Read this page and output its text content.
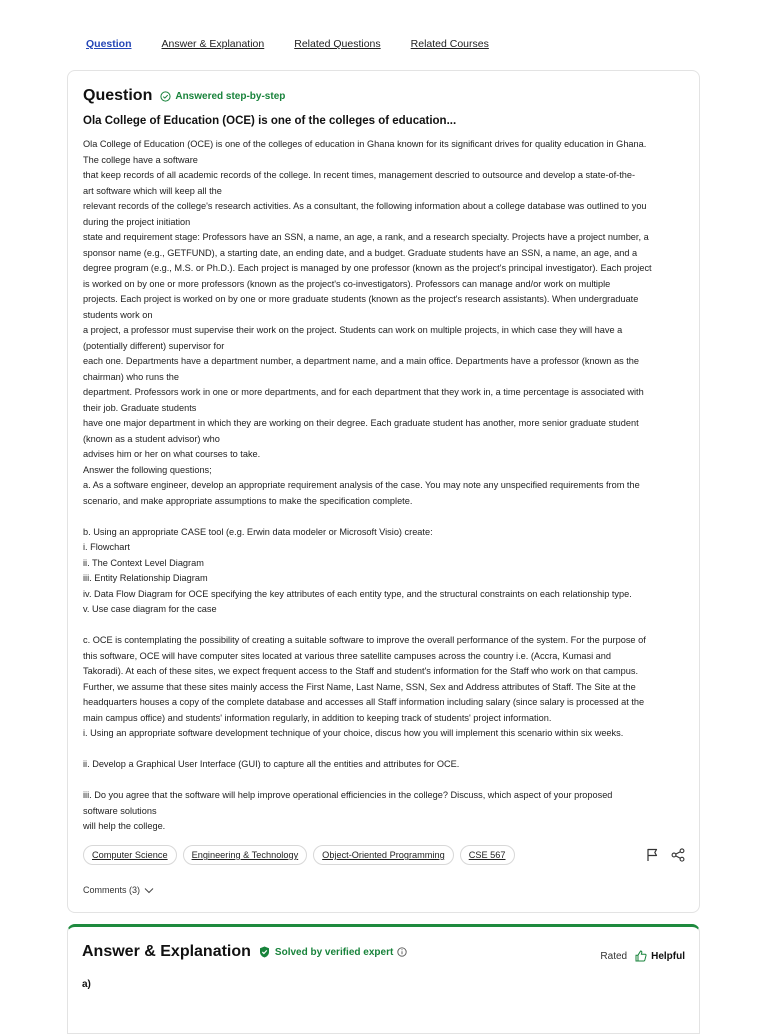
Question	Answer & Explanation	Related Questions	Related Courses
Question Answered step-by-step
Ola College of Education (OCE) is one of the colleges of education...
Ola College of Education (OCE) is one of the colleges of education in Ghana known for its significant drives for quality education in Ghana.
The college have a software
that keep records of all academic records of the college. In recent times, management descried to outsource and develop a state-of-the-
art software which will keep all the
relevant records of the college's research activities. As a consultant, the following information about a college database was outlined to you
during the project initiation
state and requirement stage: Professors have an SSN, a name, an age, a rank, and a research specialty. Projects have a project number, a
sponsor name (e.g., GETFUND), a starting date, an ending date, and a budget. Graduate students have an SSN, a name, an age, and a
degree program (e.g., M.S. or Ph.D.). Each project is managed by one professor (known as the project's principal investigator). Each project
is worked on by one or more professors (known as the project's co-investigators). Professors can manage and/or work on multiple
projects. Each project is worked on by one or more graduate students (known as the project's research assistants). When undergraduate
students work on
a project, a professor must supervise their work on the project. Students can work on multiple projects, in which case they will have a
(potentially different) supervisor for
each one. Departments have a department number, a department name, and a main office. Departments have a professor (known as the
chairman) who runs the
department. Professors work in one or more departments, and for each department that they work in, a time percentage is associated with
their job. Graduate students
have one major department in which they are working on their degree. Each graduate student has another, more senior graduate student
(known as a student advisor) who
advises him or her on what courses to take.
Answer the following questions;
a. As a software engineer, develop an appropriate requirement analysis of the case. You may note any unspecified requirements from the
scenario, and make appropriate assumptions to make the specification complete.
b. Using an appropriate CASE tool (e.g. Erwin data modeler or Microsoft Visio) create:
i. Flowchart
ii. The Context Level Diagram
iii. Entity Relationship Diagram
iv. Data Flow Diagram for OCE specifying the key attributes of each entity type, and the structural constraints on each relationship type.
v. Use case diagram for the case
c. OCE is contemplating the possibility of creating a suitable software to improve the overall performance of the system. For the purpose of
this software, OCE will have computer sites located at various three satellite campuses across the country i.e. (Accra, Kumasi and
Takoradi). At each of these sites, we expect frequent access to the Staff and student's information for the Staff who work on that campus.
Further, we assume that these sites mainly access the First Name, Last Name, SSN, Sex and Address attributes of Staff. The Site at the
headquarters houses a copy of the complete database and accesses all Staff information including salary (since salary is processed at the
main campus office) and students' information regularly, in addition to keeping track of students' project information.
i. Using an appropriate software development technique of your choice, discus how you will implement this scenario within six weeks.
ii. Develop a Graphical User Interface (GUI) to capture all the entities and attributes for OCE.
iii. Do you agree that the software will help improve operational efficiencies in the college? Discuss, which aspect of your proposed
software solutions
will help the college.
Computer Science	Engineering & Technology	Object-Oriented Programming	CSE 567
Comments (3)
Answer & Explanation Solved by verified expert	Rated Helpful
a)
